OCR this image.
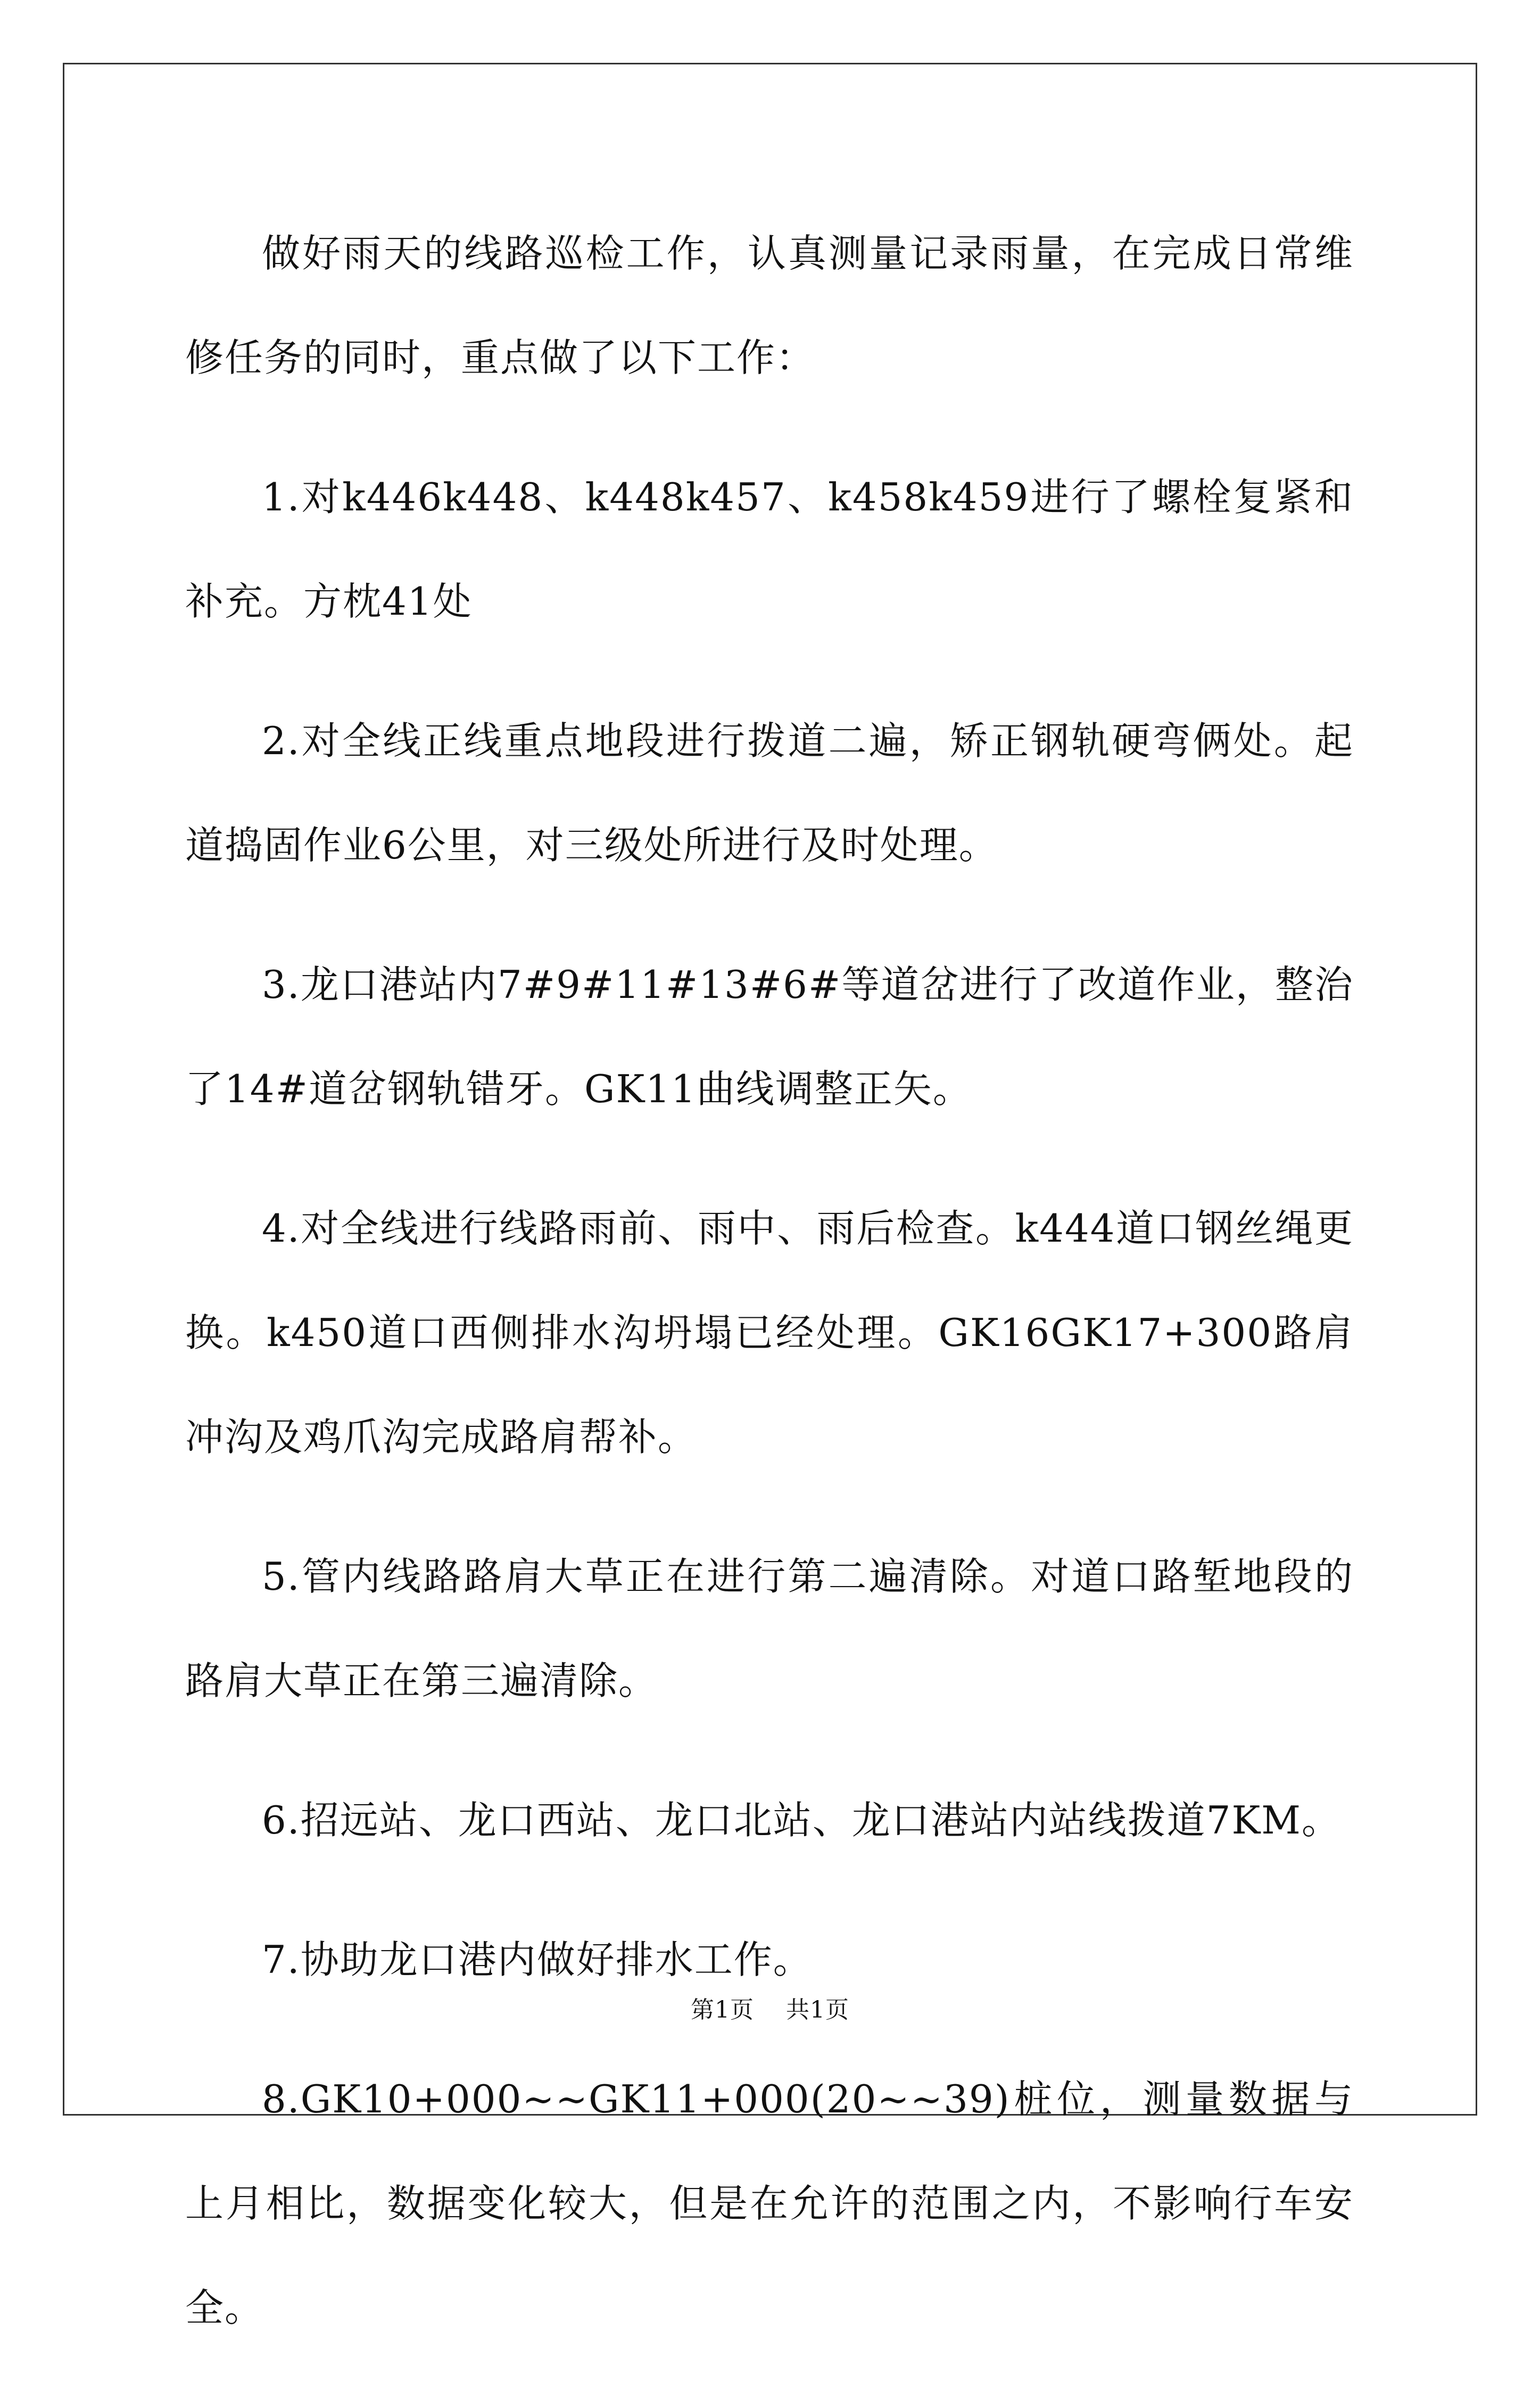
做好雨天的线路巡检工作，认真测量记录雨量，在完成日常维修任务的同时，重点做了以下工作：

1.对k446k448、k448k457、k458k459进行了螺栓复紧和补充。方枕41处

2.对全线正线重点地段进行拨道二遍，矫正钢轨硬弯俩处。起道捣固作业6公里，对三级处所进行及时处理。

3.龙口港站内7#9#11#13#6#等道岔进行了改道作业，整治了14#道岔钢轨错牙。GK11曲线调整正矢。

4.对全线进行线路雨前、雨中、雨后检查。k444道口钢丝绳更换。k450道口西侧排水沟坍塌已经处理。GK16GK17+300路肩冲沟及鸡爪沟完成路肩帮补。

5.管内线路路肩大草正在进行第二遍清除。对道口路堑地段的路肩大草正在第三遍清除。

6.招远站、龙口西站、龙口北站、龙口港站内站线拨道7KM。

7.协助龙口港内做好排水工作。

8.GK10+000~~GK11+000(20~~39)桩位，测量数据与上月相比，数据变化较大，但是在允许的范围之内，不影响行车安全。

第1页 共1页
